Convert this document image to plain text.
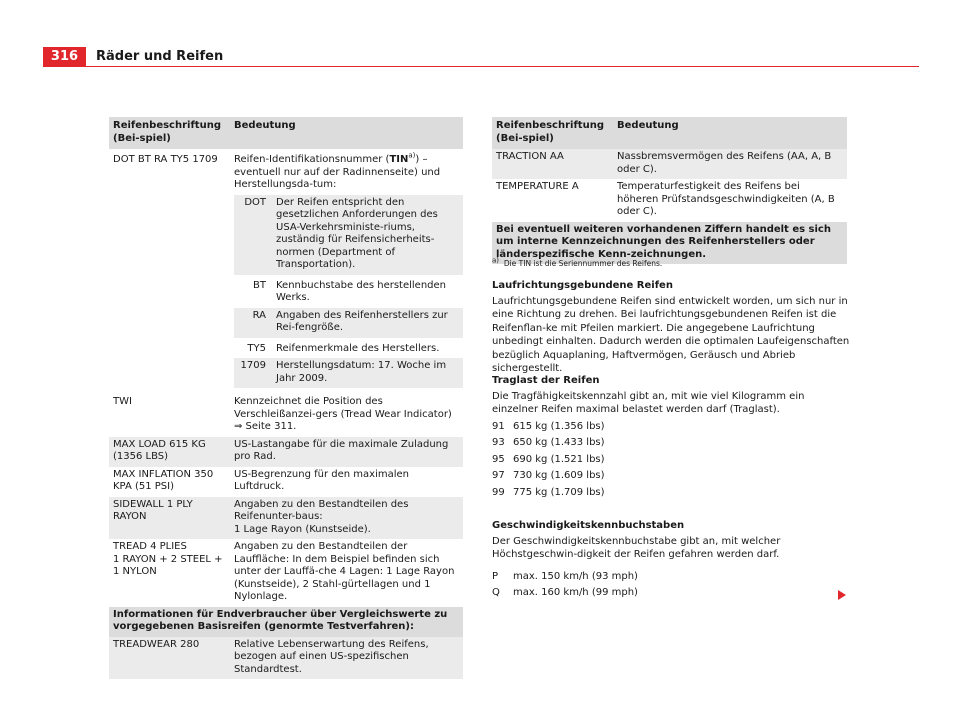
316	Räder und Reifen
Reifenbeschriftung (Bei-spiel)	Bedeutung
DOT BT RA TY5 1709	Reifen-Identifikationsnummer (TIN$^{a)}$) – eventuell nur auf der Radinnenseite) und Herstellungsda-tum:
DOT	Der Reifen entspricht den gesetzlichen Anforderungen des USA-Verkehrsministe-riums, zuständig für Reifensicherheits-normen (Department of Transportation).
BT	Kennbuchstabe des herstellenden Werks.
RA	Angaben des Reifenherstellers zur Rei-fengröße.
TY5	Reifenmerkmale des Herstellers.
1709	Herstellungsdatum: 17. Woche im Jahr 2009.

TWI	Kennzeichnet die Position des Verschleißanzei-gers (Tread Wear Indicator) ⇒ Seite 311.
MAX LOAD 615 KG (1356 LBS)	US-Lastangabe für die maximale Zuladung pro Rad.
MAX INFLATION 350 KPA (51 PSI)	US-Begrenzung für den maximalen Luftdruck.
SIDEWALL 1 PLY RAYON	Angaben zu den Bestandteilen des Reifenunter-baus:
1 Lage Rayon (Kunstseide).
TREAD 4 PLIES
1 RAYON + 2 STEEL +
1 NYLON	Angaben zu den Bestandteilen der Lauffläche: In dem Beispiel befinden sich unter der Lauffä-che 4 Lagen: 1 Lage Rayon (Kunstseide), 2 Stahl-gürtellagen und 1 Nylonlage.
Informationen für Endverbraucher über Vergleichswerte zu vorgegebenen Basisreifen (genormte Testverfahren):
TREADWEAR 280	Relative Lebenserwartung des Reifens, bezogen auf einen US-spezifischen Standardtest.
Reifenbeschriftung (Bei-spiel)	Bedeutung
TRACTION AA	Nassbremsvermögen des Reifens (AA, A, B oder C).
TEMPERATURE A	Temperaturfestigkeit des Reifens bei höheren Prüfstandsgeschwindigkeiten (A, B oder C).
Bei eventuell weiteren vorhandenen Ziffern handelt es sich um interne Kennzeichnungen des Reifenherstellers oder länderspezifische Kenn-zeichnungen.	
$^{a)}$ Die TIN ist die Seriennummer des Reifens.
Laufrichtungsgebundene Reifen

Laufrichtungsgebundene Reifen sind entwickelt worden, um sich nur in eine Richtung zu drehen. Bei laufrichtungsgebundenen Reifen ist die Reifenflan-ke mit Pfeilen markiert. Die angegebene Laufrichtung unbedingt einhalten. Dadurch werden die optimalen Laufeigenschaften bezüglich Aquaplaning, Haftvermögen, Geräusch und Abrieb sichergestellt.

Traglast der Reifen

Die Tragfähigkeitskennzahl gibt an, mit wie viel Kilogramm ein einzelner Reifen maximal belastet werden darf (Traglast).

91 615 kg (1.356 lbs)
93 650 kg (1.433 lbs)
95 690 kg (1.521 lbs)
97 730 kg (1.609 lbs)
99 775 kg (1.709 lbs)
Geschwindigkeitskennbuchstaben

Der Geschwindigkeitskennbuchstabe gibt an, mit welcher Höchstgeschwin-digkeit der Reifen gefahren werden darf.

P	max. 150 km/h (93 mph)
Q	max. 160 km/h (99 mph)
